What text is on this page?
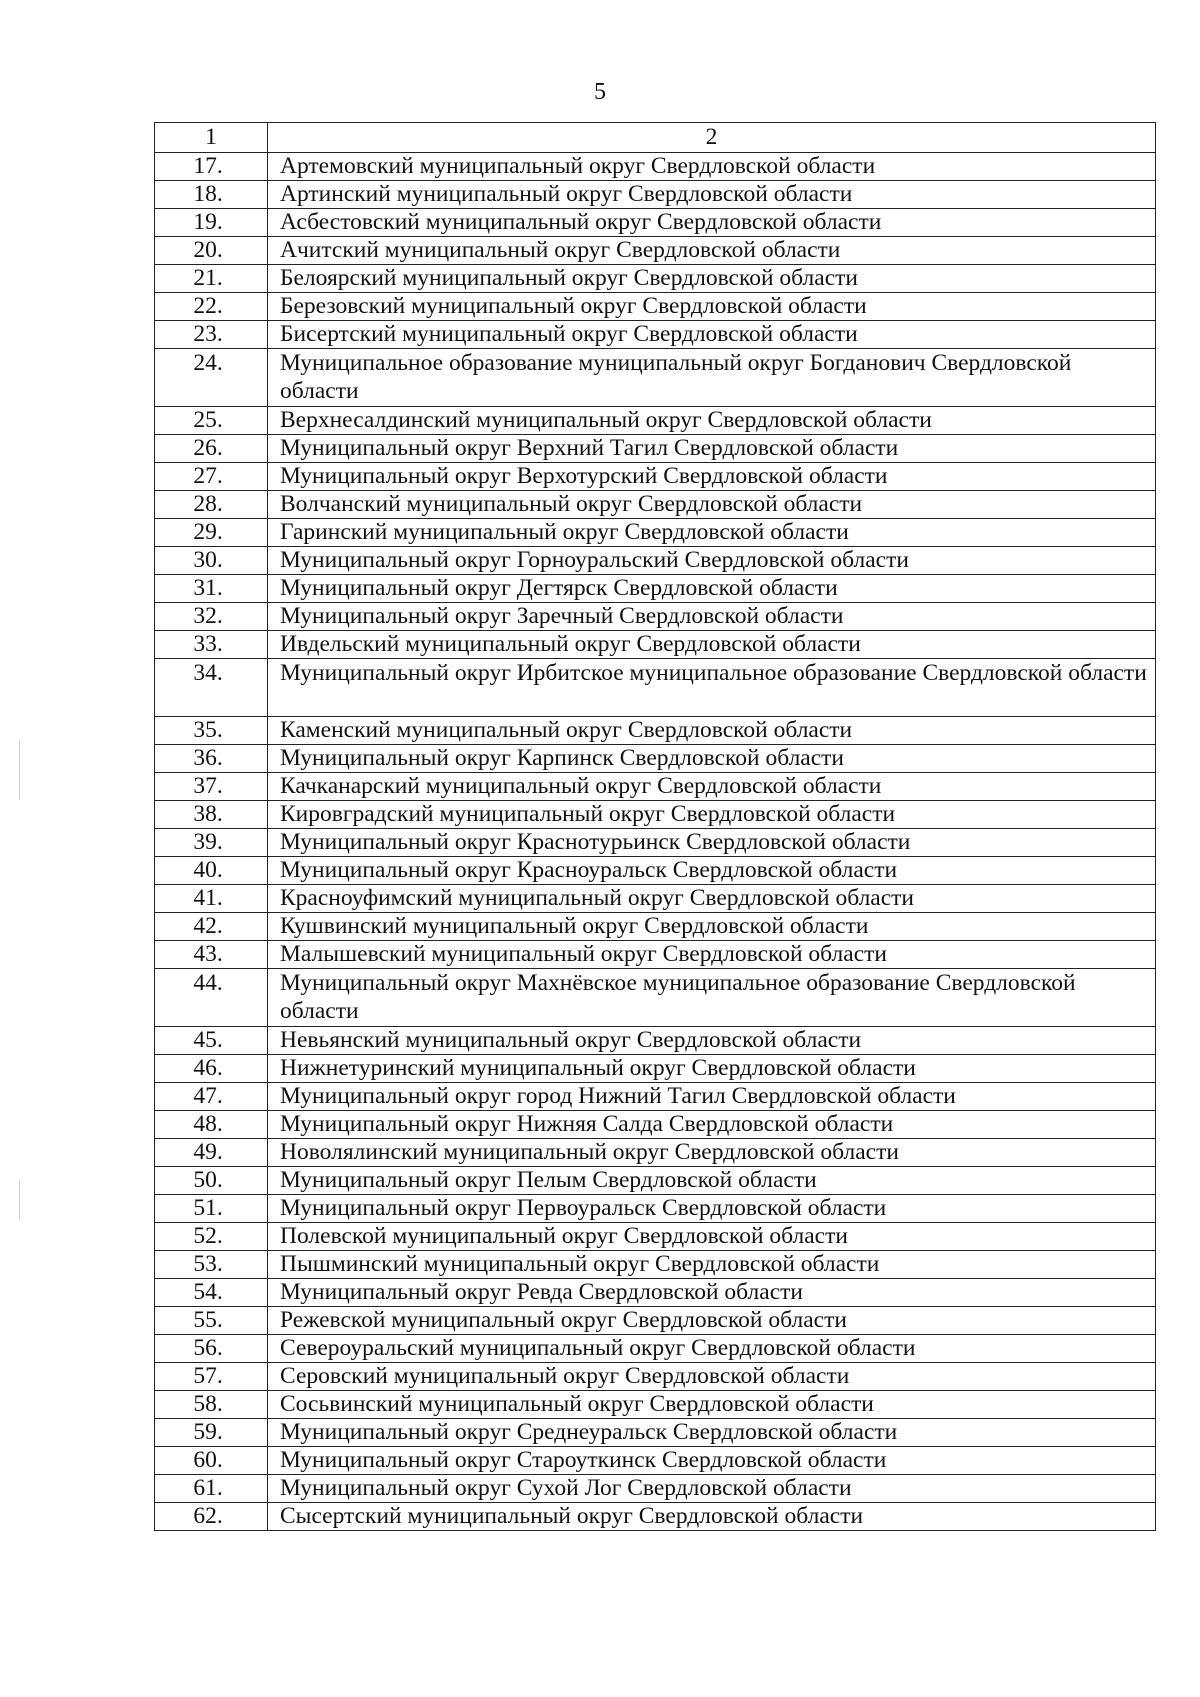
5
1	2
17.	Артемовский муниципальный округ Свердловской области
18.	Артинский муниципальный округ Свердловской области
19.	Асбестовский муниципальный округ Свердловской области
20.	Ачитский муниципальный округ Свердловской области
21.	Белоярский муниципальный округ Свердловской области
22.	Березовский муниципальный округ Свердловской области
23.	Бисертский муниципальный округ Свердловской области
24.	Муниципальное образование муниципальный округ Богданович Свердловской области
25.	Верхнесалдинский муниципальный округ Свердловской области
26.	Муниципальный округ Верхний Тагил Свердловской области
27.	Муниципальный округ Верхотурский Свердловской области
28.	Волчанский муниципальный округ Свердловской области
29.	Гаринский муниципальный округ Свердловской области
30.	Муниципальный округ Горноуральский Свердловской области
31.	Муниципальный округ Дегтярск Свердловской области
32.	Муниципальный округ Заречный Свердловской области
33.	Ивдельский муниципальный округ Свердловской области
34.	Муниципальный округ Ирбитское муниципальное образование Свердловской области
35.	Каменский муниципальный округ Свердловской области
36.	Муниципальный округ Карпинск Свердловской области
37.	Качканарский муниципальный округ Свердловской области
38.	Кировградский муниципальный округ Свердловской области
39.	Муниципальный округ Краснотурьинск Свердловской области
40.	Муниципальный округ Красноуральск Свердловской области
41.	Красноуфимский муниципальный округ Свердловской области
42.	Кушвинский муниципальный округ Свердловской области
43.	Малышевский муниципальный округ Свердловской области
44.	Муниципальный округ Махнёвское муниципальное образование Свердловской области
45.	Невьянский муниципальный округ Свердловской области
46.	Нижнетуринский муниципальный округ Свердловской области
47.	Муниципальный округ город Нижний Тагил Свердловской области
48.	Муниципальный округ Нижняя Салда Свердловской области
49.	Новолялинский муниципальный округ Свердловской области
50.	Муниципальный округ Пелым Свердловской области
51.	Муниципальный округ Первоуральск Свердловской области
52.	Полевской муниципальный округ Свердловской области
53.	Пышминский муниципальный округ Свердловской области
54.	Муниципальный округ Ревда Свердловской области
55.	Режевской муниципальный округ Свердловской области
56.	Североуральский муниципальный округ Свердловской области
57.	Серовский муниципальный округ Свердловской области
58.	Сосьвинский муниципальный округ Свердловской области
59.	Муниципальный округ Среднеуральск Свердловской области
60.	Муниципальный округ Староуткинск Свердловской области
61.	Муниципальный округ Сухой Лог Свердловской области
62.	Сысертский муниципальный округ Свердловской области
